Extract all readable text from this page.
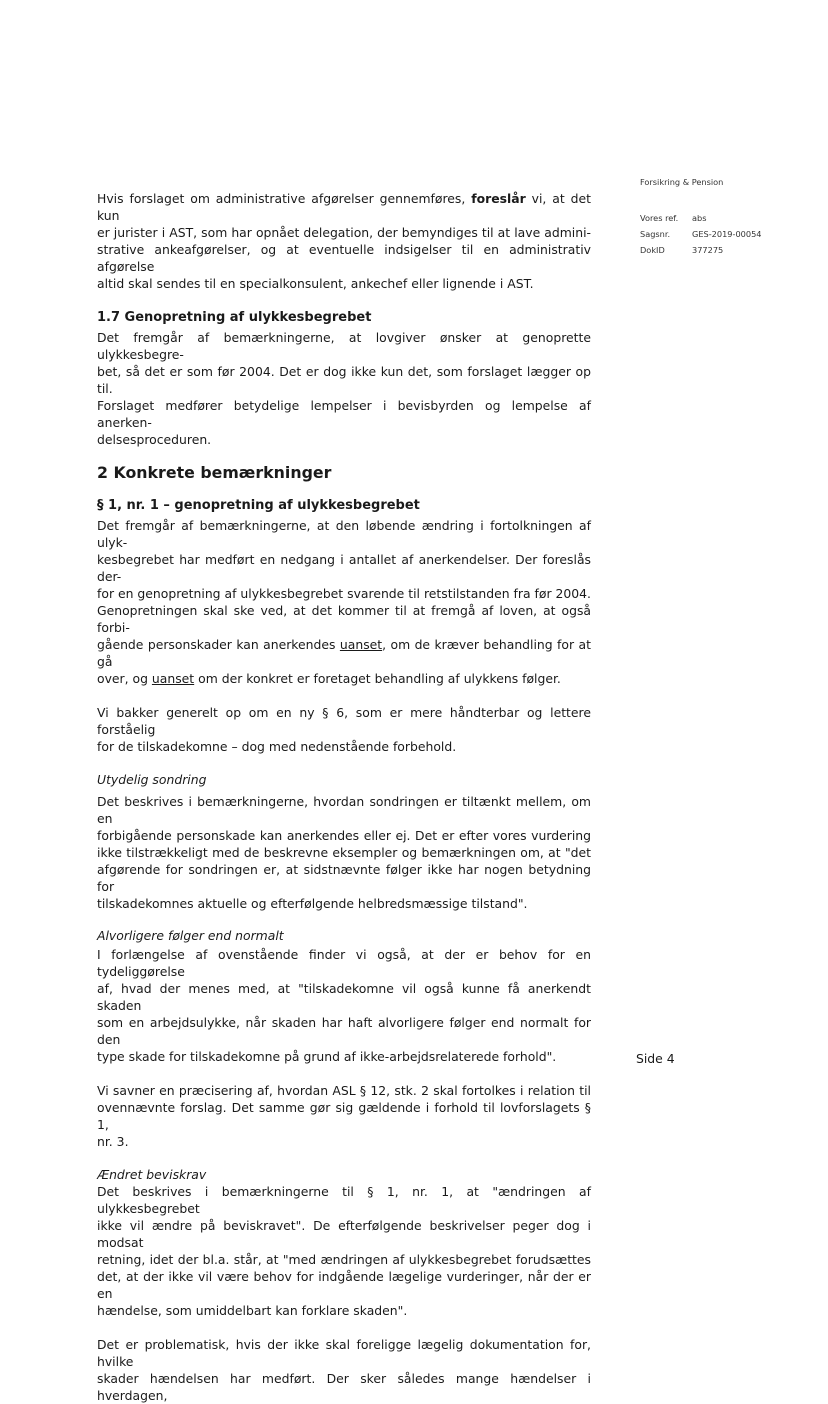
Forsikring & Pension
Vores ref.	abs
Sagsnr.	GES-2019-00054
DokID	377275

Hvis forslaget om administrative afgørelser gennemføres, foreslår vi, at det kun
er jurister i AST, som har opnået delegation, der bemyndiges til at lave admini-
strative ankeafgørelser, og at eventuelle indsigelser til en administrativ afgørelse
altid skal sendes til en specialkonsulent, ankechef eller lignende i AST.

1.7 Genopretning af ulykkesbegrebet

Det fremgår af bemærkningerne, at lovgiver ønsker at genoprette ulykkesbegre-
bet, så det er som før 2004. Det er dog ikke kun det, som forslaget lægger op til.
Forslaget medfører betydelige lempelser i bevisbyrden og lempelse af anerken-
delsesproceduren.

2 Konkrete bemærkninger
§ 1, nr. 1 – genopretning af ulykkesbegrebet

Det fremgår af bemærkningerne, at den løbende ændring i fortolkningen af ulyk-
kesbegrebet har medført en nedgang i antallet af anerkendelser. Der foreslås der-
for en genopretning af ulykkesbegrebet svarende til retstilstanden fra før 2004.
Genopretningen skal ske ved, at det kommer til at fremgå af loven, at også forbi-
gående personskader kan anerkendes uanset, om de kræver behandling for at gå
over, og uanset om der konkret er foretaget behandling af ulykkens følger.

Vi bakker generelt op om en ny § 6, som er mere håndterbar og lettere forståelig
for de tilskadekomne – dog med nedenstående forbehold.

Utydelig sondring

Det beskrives i bemærkningerne, hvordan sondringen er tiltænkt mellem, om en
forbigående personskade kan anerkendes eller ej. Det er efter vores vurdering
ikke tilstrækkeligt med de beskrevne eksempler og bemærkningen om, at "det
afgørende for sondringen er, at sidstnævnte følger ikke har nogen betydning for
tilskadekomnes aktuelle og efterfølgende helbredsmæssige tilstand".

Alvorligere følger end normalt

I forlængelse af ovenstående finder vi også, at der er behov for en tydeliggørelse
af, hvad der menes med, at "tilskadekomne vil også kunne få anerkendt skaden
som en arbejdsulykke, når skaden har haft alvorligere følger end normalt for den
type skade for tilskadekomne på grund af ikke-arbejdsrelaterede forhold".

Vi savner en præcisering af, hvordan ASL § 12, stk. 2 skal fortolkes i relation til
ovennævnte forslag. Det samme gør sig gældende i forhold til lovforslagets § 1,
nr. 3.

Ændret beviskrav

Det beskrives i bemærkningerne til § 1, nr. 1, at "ændringen af ulykkesbegrebet
ikke vil ændre på beviskravet". De efterfølgende beskrivelser peger dog i modsat
retning, idet der bl.a. står, at "med ændringen af ulykkesbegrebet forudsættes
det, at der ikke vil være behov for indgående lægelige vurderinger, når der er en
hændelse, som umiddelbart kan forklare skaden".

Det er problematisk, hvis der ikke skal foreligge lægelig dokumentation for, hvilke
skader hændelsen har medført. Der sker således mange hændelser i hverdagen,

Side 4
